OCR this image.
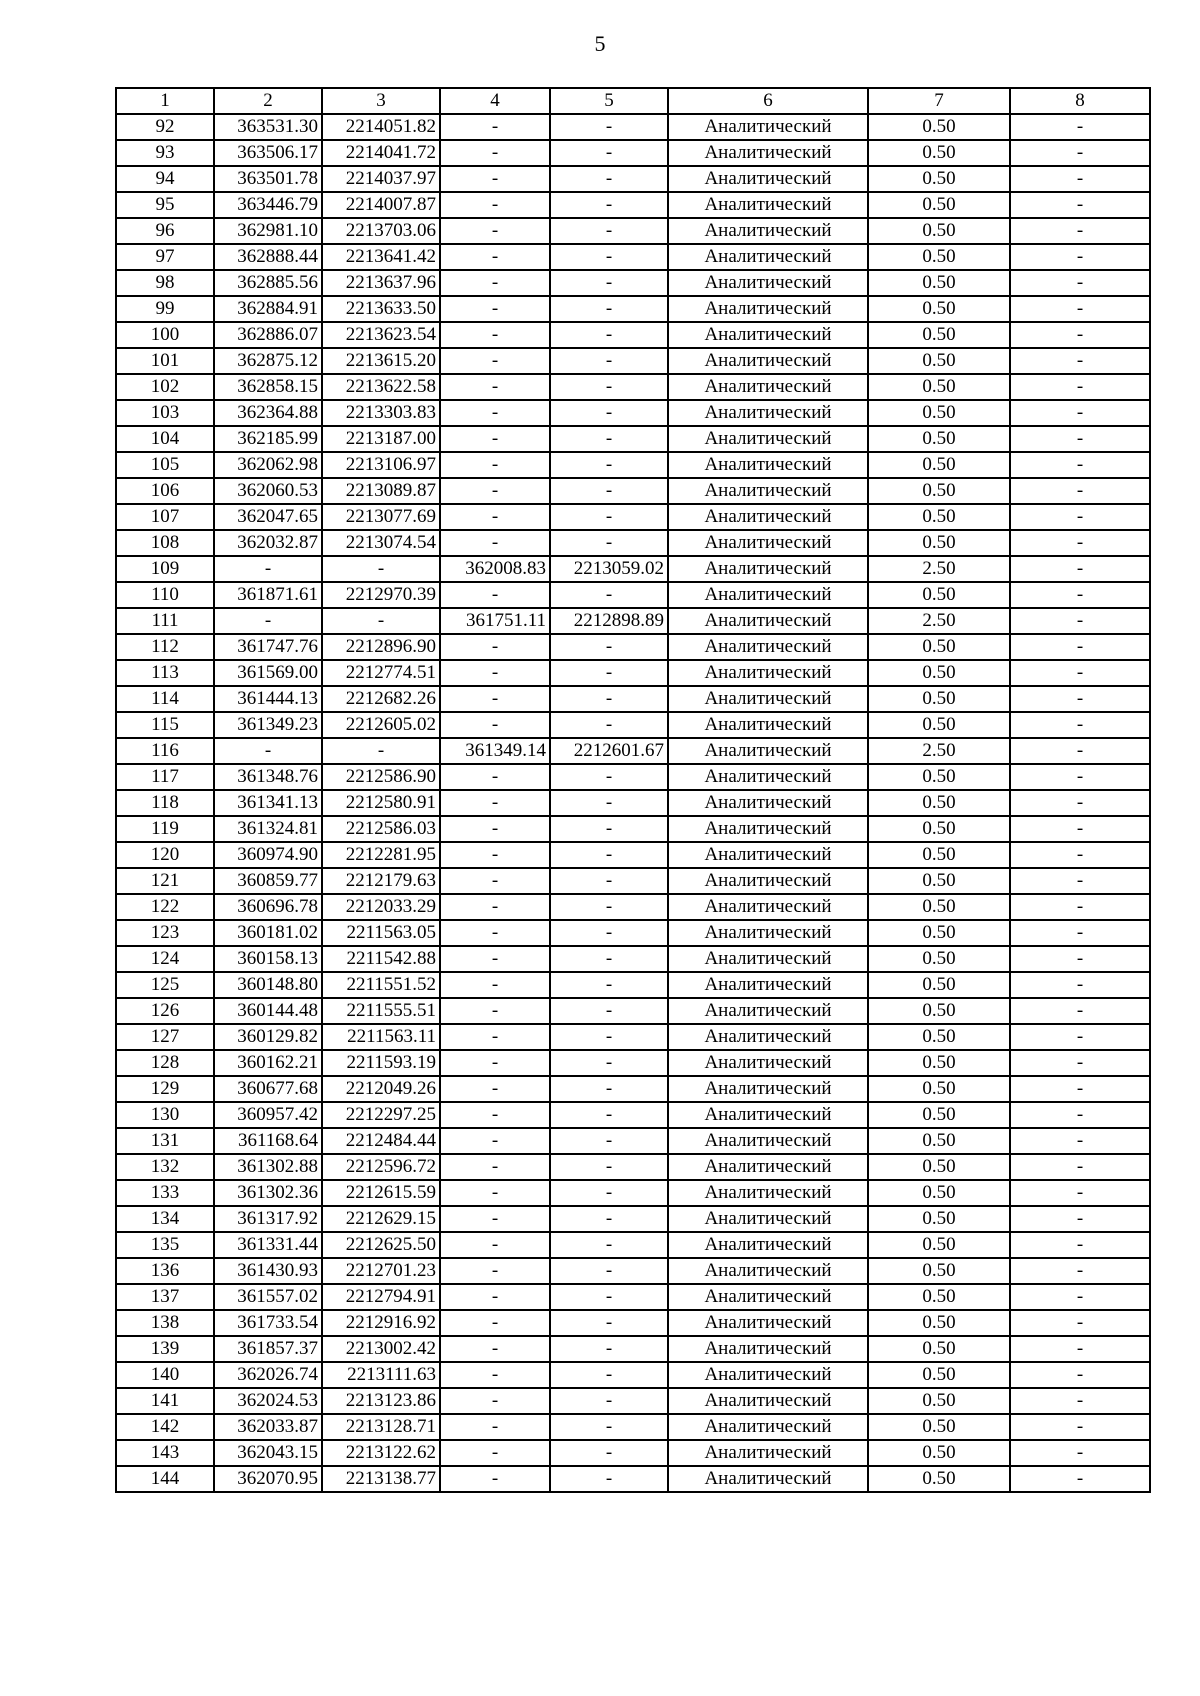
5
1	2	3	4	5	6	7	8
92	363531.30	2214051.82	-	-	Аналитический	0.50	-
93	363506.17	2214041.72	-	-	Аналитический	0.50	-
94	363501.78	2214037.97	-	-	Аналитический	0.50	-
95	363446.79	2214007.87	-	-	Аналитический	0.50	-
96	362981.10	2213703.06	-	-	Аналитический	0.50	-
97	362888.44	2213641.42	-	-	Аналитический	0.50	-
98	362885.56	2213637.96	-	-	Аналитический	0.50	-
99	362884.91	2213633.50	-	-	Аналитический	0.50	-
100	362886.07	2213623.54	-	-	Аналитический	0.50	-
101	362875.12	2213615.20	-	-	Аналитический	0.50	-
102	362858.15	2213622.58	-	-	Аналитический	0.50	-
103	362364.88	2213303.83	-	-	Аналитический	0.50	-
104	362185.99	2213187.00	-	-	Аналитический	0.50	-
105	362062.98	2213106.97	-	-	Аналитический	0.50	-
106	362060.53	2213089.87	-	-	Аналитический	0.50	-
107	362047.65	2213077.69	-	-	Аналитический	0.50	-
108	362032.87	2213074.54	-	-	Аналитический	0.50	-
109	-	-	362008.83	2213059.02	Аналитический	2.50	-
110	361871.61	2212970.39	-	-	Аналитический	0.50	-
111	-	-	361751.11	2212898.89	Аналитический	2.50	-
112	361747.76	2212896.90	-	-	Аналитический	0.50	-
113	361569.00	2212774.51	-	-	Аналитический	0.50	-
114	361444.13	2212682.26	-	-	Аналитический	0.50	-
115	361349.23	2212605.02	-	-	Аналитический	0.50	-
116	-	-	361349.14	2212601.67	Аналитический	2.50	-
117	361348.76	2212586.90	-	-	Аналитический	0.50	-
118	361341.13	2212580.91	-	-	Аналитический	0.50	-
119	361324.81	2212586.03	-	-	Аналитический	0.50	-
120	360974.90	2212281.95	-	-	Аналитический	0.50	-
121	360859.77	2212179.63	-	-	Аналитический	0.50	-
122	360696.78	2212033.29	-	-	Аналитический	0.50	-
123	360181.02	2211563.05	-	-	Аналитический	0.50	-
124	360158.13	2211542.88	-	-	Аналитический	0.50	-
125	360148.80	2211551.52	-	-	Аналитический	0.50	-
126	360144.48	2211555.51	-	-	Аналитический	0.50	-
127	360129.82	2211563.11	-	-	Аналитический	0.50	-
128	360162.21	2211593.19	-	-	Аналитический	0.50	-
129	360677.68	2212049.26	-	-	Аналитический	0.50	-
130	360957.42	2212297.25	-	-	Аналитический	0.50	-
131	361168.64	2212484.44	-	-	Аналитический	0.50	-
132	361302.88	2212596.72	-	-	Аналитический	0.50	-
133	361302.36	2212615.59	-	-	Аналитический	0.50	-
134	361317.92	2212629.15	-	-	Аналитический	0.50	-
135	361331.44	2212625.50	-	-	Аналитический	0.50	-
136	361430.93	2212701.23	-	-	Аналитический	0.50	-
137	361557.02	2212794.91	-	-	Аналитический	0.50	-
138	361733.54	2212916.92	-	-	Аналитический	0.50	-
139	361857.37	2213002.42	-	-	Аналитический	0.50	-
140	362026.74	2213111.63	-	-	Аналитический	0.50	-
141	362024.53	2213123.86	-	-	Аналитический	0.50	-
142	362033.87	2213128.71	-	-	Аналитический	0.50	-
143	362043.15	2213122.62	-	-	Аналитический	0.50	-
144	362070.95	2213138.77	-	-	Аналитический	0.50	-
